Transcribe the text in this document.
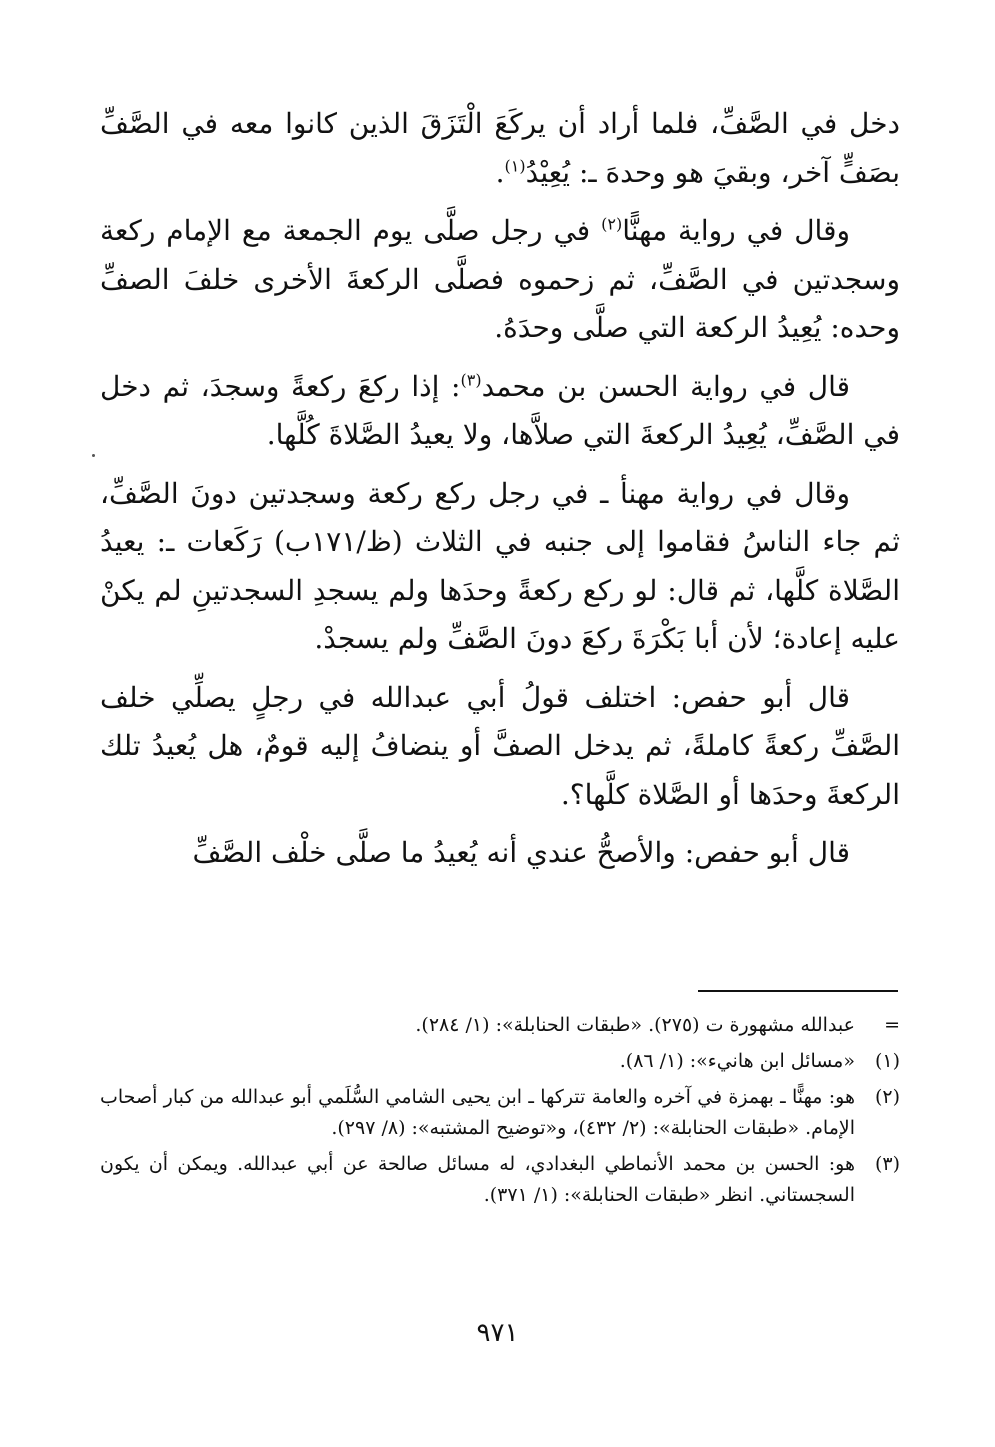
دخل في الصَّفِّ، فلما أراد أن يركَعَ الْتَزَقَ الذين كانوا معه في الصَّفِّ بصَفٍّ آخر، وبقيَ هو وحدهَ ـ: يُعِيْدُ$^{(١)}$.

وقال في رواية مهنًّا$^{(٢)}$ في رجل صلَّى يوم الجمعة مع الإمام ركعة وسجدتين في الصَّفِّ، ثم زحموه فصلَّى الركعةَ الأخرى خلفَ الصفِّ وحده: يُعِيدُ الركعة التي صلَّى وحدَهُ.

قال في رواية الحسن بن محمد$^{(٣)}$: إذا ركعَ ركعةً وسجدَ، ثم دخل في الصَّفِّ، يُعِيدُ الركعةَ التي صلاَّها، ولا يعيدُ الصَّلاةَ كُلَّها.

وقال في رواية مهنأ ـ في رجل ركع ركعة وسجدتين دونَ الصَّفِّ، ثم جاء الناسُ فقاموا إلى جنبه في الثلاث (ظ/١٧١ب) رَكَعات ـ: يعيدُ الصَّلاة كلَّها، ثم قال: لو ركع ركعةً وحدَها ولم يسجدِ السجدتينِ لم يكنْ عليه إعادة؛ لأن أبا بَكْرَةَ ركعَ دونَ الصَّفِّ ولم يسجدْ.

قال أبو حفص: اختلف قولُ أبي عبدالله في رجلٍ يصلِّي خلف الصَّفِّ ركعةً كاملةً، ثم يدخل الصفَّ أو ينضافُ إليه قومٌ، هل يُعيدُ تلك الركعةَ وحدَها أو الصَّلاة كلَّها؟.

قال أبو حفص: والأصحُّ عندي أنه يُعيدُ ما صلَّى خلْف الصَّفِّ

=
عبدالله مشهورة ت (٢٧٥). «طبقات الحنابلة»: (١/ ٢٨٤).
(١)
«مسائل ابن هانيء»: (١/ ٨٦).
(٢)
هو: مهنًّا ـ بهمزة في آخره والعامة تتركها ـ ابن يحيى الشامي السُّلَمي أبو عبدالله من كبار أصحاب الإمام. «طبقات الحنابلة»: (٢/ ٤٣٢)، و«توضيح المشتبه»: (٨/ ٢٩٧).
(٣)
هو: الحسن بن محمد الأنماطي البغدادي، له مسائل صالحة عن أبي عبدالله. ويمكن أن يكون السجستاني. انظر «طبقات الحنابلة»: (١/ ٣٧١).
٩٧١
